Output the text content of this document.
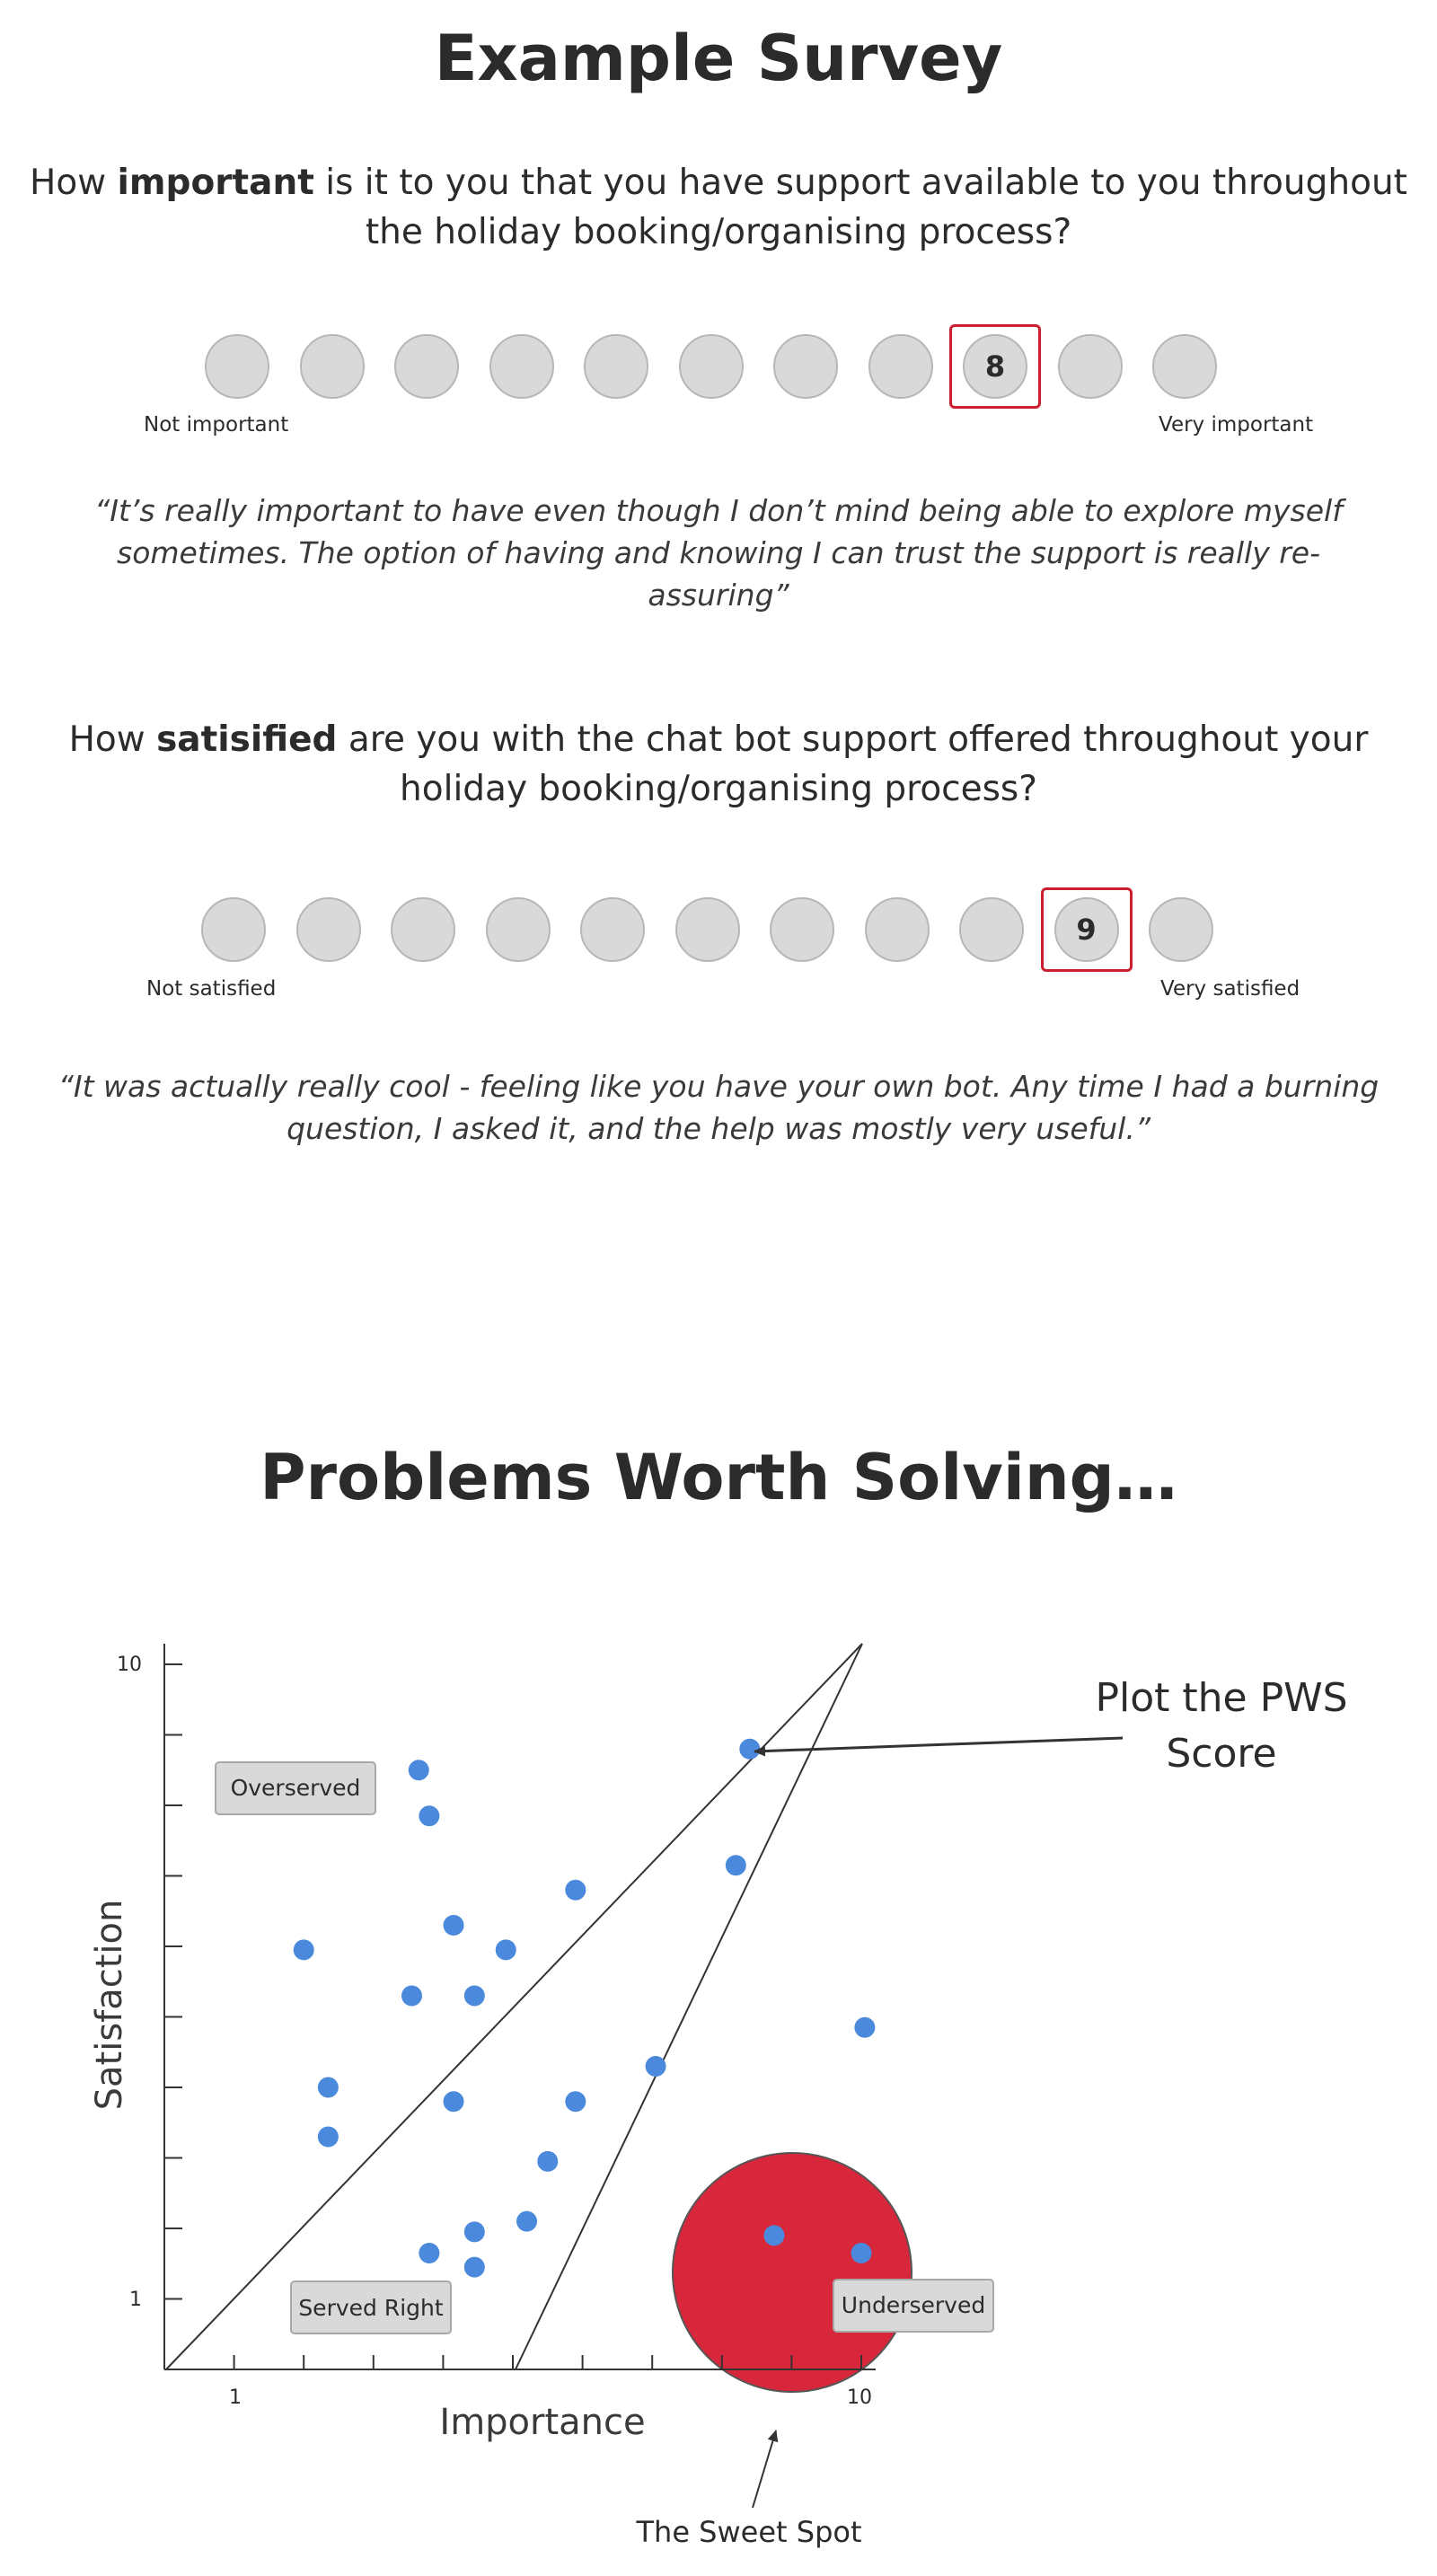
Example Survey
How important is it to you that you have support available to you throughout the holiday booking/organising process?
8
Not important	Very important
“It’s really important to have even though I don’t mind being able to explore myself sometimes. The option of having and knowing I can trust the support is really re-assuring”
How satisified are you with the chat bot support offered throughout your holiday booking/organising process?
9
Not satisfied	Very satisfied
“It was actually really cool - feeling like you have your own bot. Any time I had a burning question, I asked it, and the help was mostly very useful.”
Problems Worth Solving…
10
1
1	10
Satisfaction
Importance
Overserved
Served Right	Underserved
Plot the PWS
Score
The Sweet Spot
